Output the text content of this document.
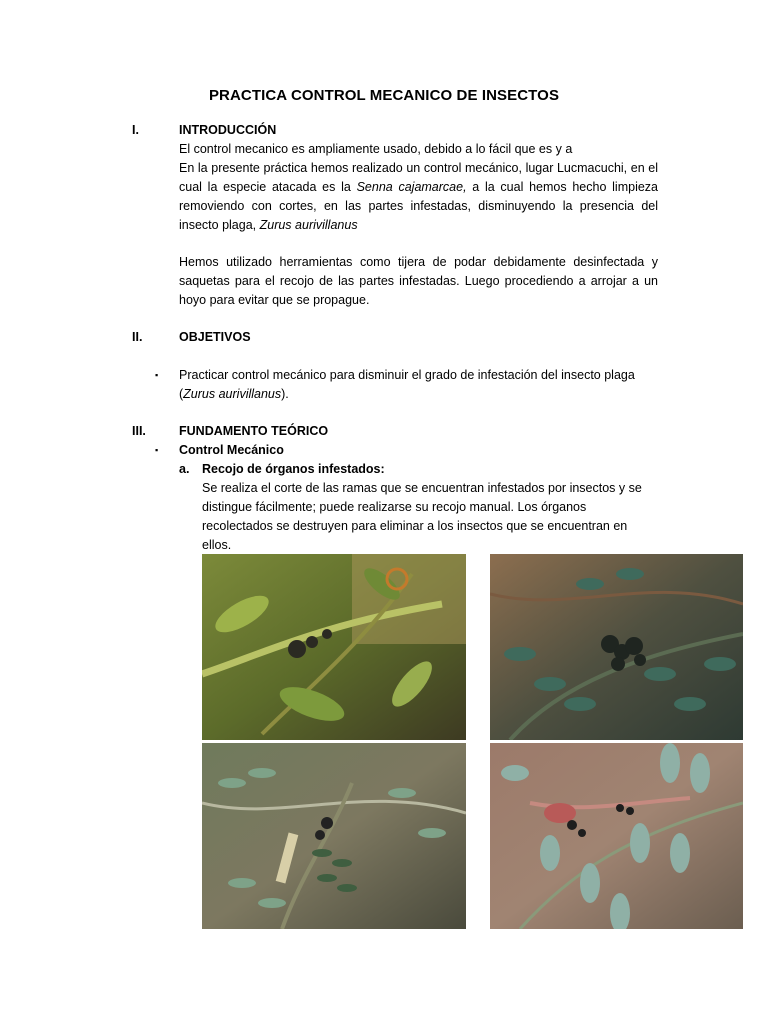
PRACTICA CONTROL MECANICO DE INSECTOS
I.	INTRODUCCIÓN
El control mecanico es ampliamente usado, debido a lo fácil que es y a
En la presente práctica hemos realizado un control mecánico, lugar Lucmacuchi, en el cual la especie atacada es la Senna cajamarcae, a la cual hemos hecho limpieza removiendo con cortes, en las partes infestadas, disminuyendo la presencia del insecto plaga, Zurus aurivillanus
Hemos utilizado herramientas como tijera de podar debidamente desinfectada y saquetas para el recojo de las partes infestadas. Luego procediendo a arrojar a un hoyo para evitar que se propague.
II.	OBJETIVOS
▪ Practicar control mecánico para disminuir el grado de infestación del insecto plaga (Zurus aurivillanus).
III.	FUNDAMENTO TEÓRICO
▪ Control Mecánico
a. Recojo de órganos infestados:
Se realiza el corte de las ramas que se encuentran infestados por insectos y se distingue fácilmente; puede realizarse su recojo manual. Los órganos recolectados se destruyen para eliminar a los insectos que se encuentran en ellos.
